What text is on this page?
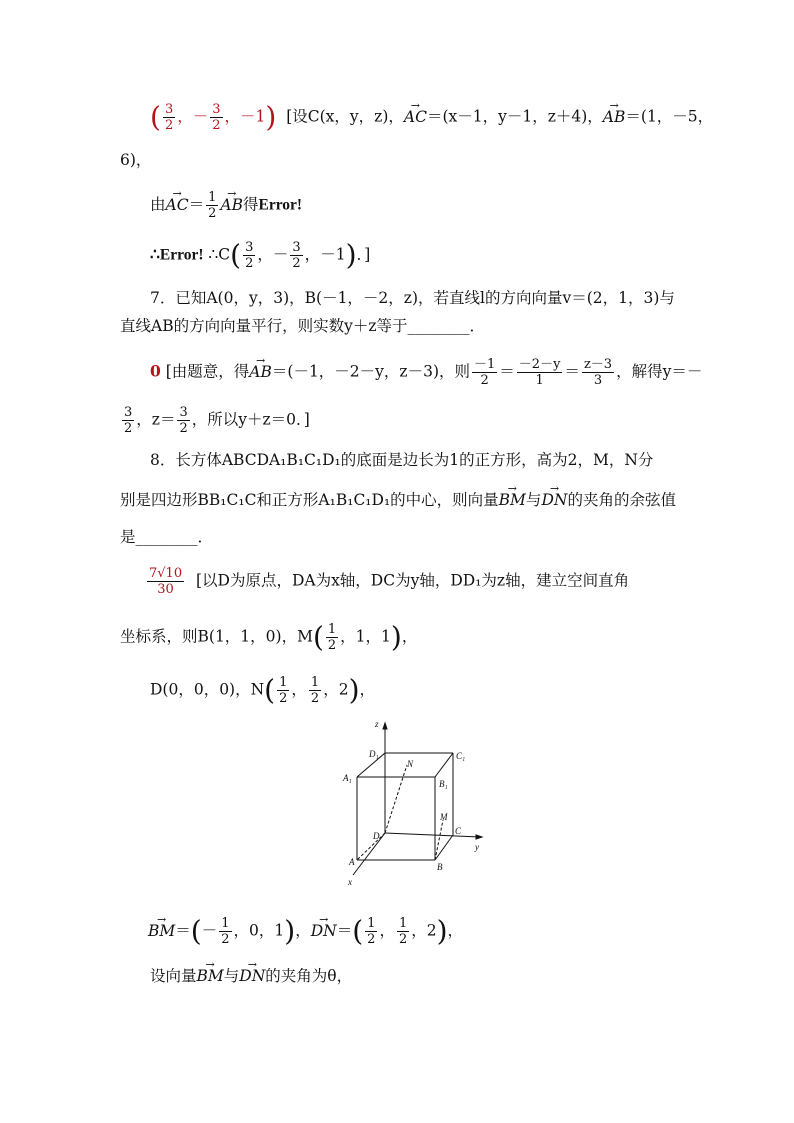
( $\frac{3}{2}$ ，－ $\frac{3}{2}$ ，－1) [设C(x，y，z)，→ AC＝(x－1，y－1，z＋4)，→ AB＝(1，－5，
6)，
由→ $AC= \frac{1}{2}$ → AB得Error!
∴Error! ∴C( $\frac{3}{2}$ ，－ $\frac{3}{2}$ ，－1)．]
7．已知A(0，y，3)，B(－1，－2，z)，若直线l的方向向量v＝(2，1，3)与
直线AB的方向向量平行，则实数y＋z等于________．
0 [由题意，得→ AB＝(－1，－2－y，z－3)，则 $\frac{-1}{2} = \frac{-2-y}{1} = \frac{z-3}{3}$ ，解得y＝－
$\frac{3}{2}$ ，$z= \frac{3}{2}$ ，所以y＋z＝0．]
8．长方体ABCDA₁B₁C₁D₁的底面是边长为1的正方形，高为2，M，N分
别是四边形BB₁C₁C和正方形A₁B₁C₁D₁的中心，则向量→ BM与→ DN的夹角的余弦值
是________．
$\frac{7√10}{30}$ [以D为原点，DA为x轴，DC为y轴，DD₁为z轴，建立空间直角
坐标系，则B(1，1，0)，$M( \frac{1}{2}$ ，1，1)，
D(0，0，0)，$N( \frac{1}{2}$ ， $\frac{1}{2}$ ，2)，
z
D₁	C₁
A₁
B₁
N
M
D	C
y
A	B
x
→ $BM=(- \frac{1}{2}$ ，0，1)，→ $DN=( \frac{1}{2}$ ， $\frac{1}{2}$ ，2)，
设向量→ BM与→ DN的夹角为θ，
